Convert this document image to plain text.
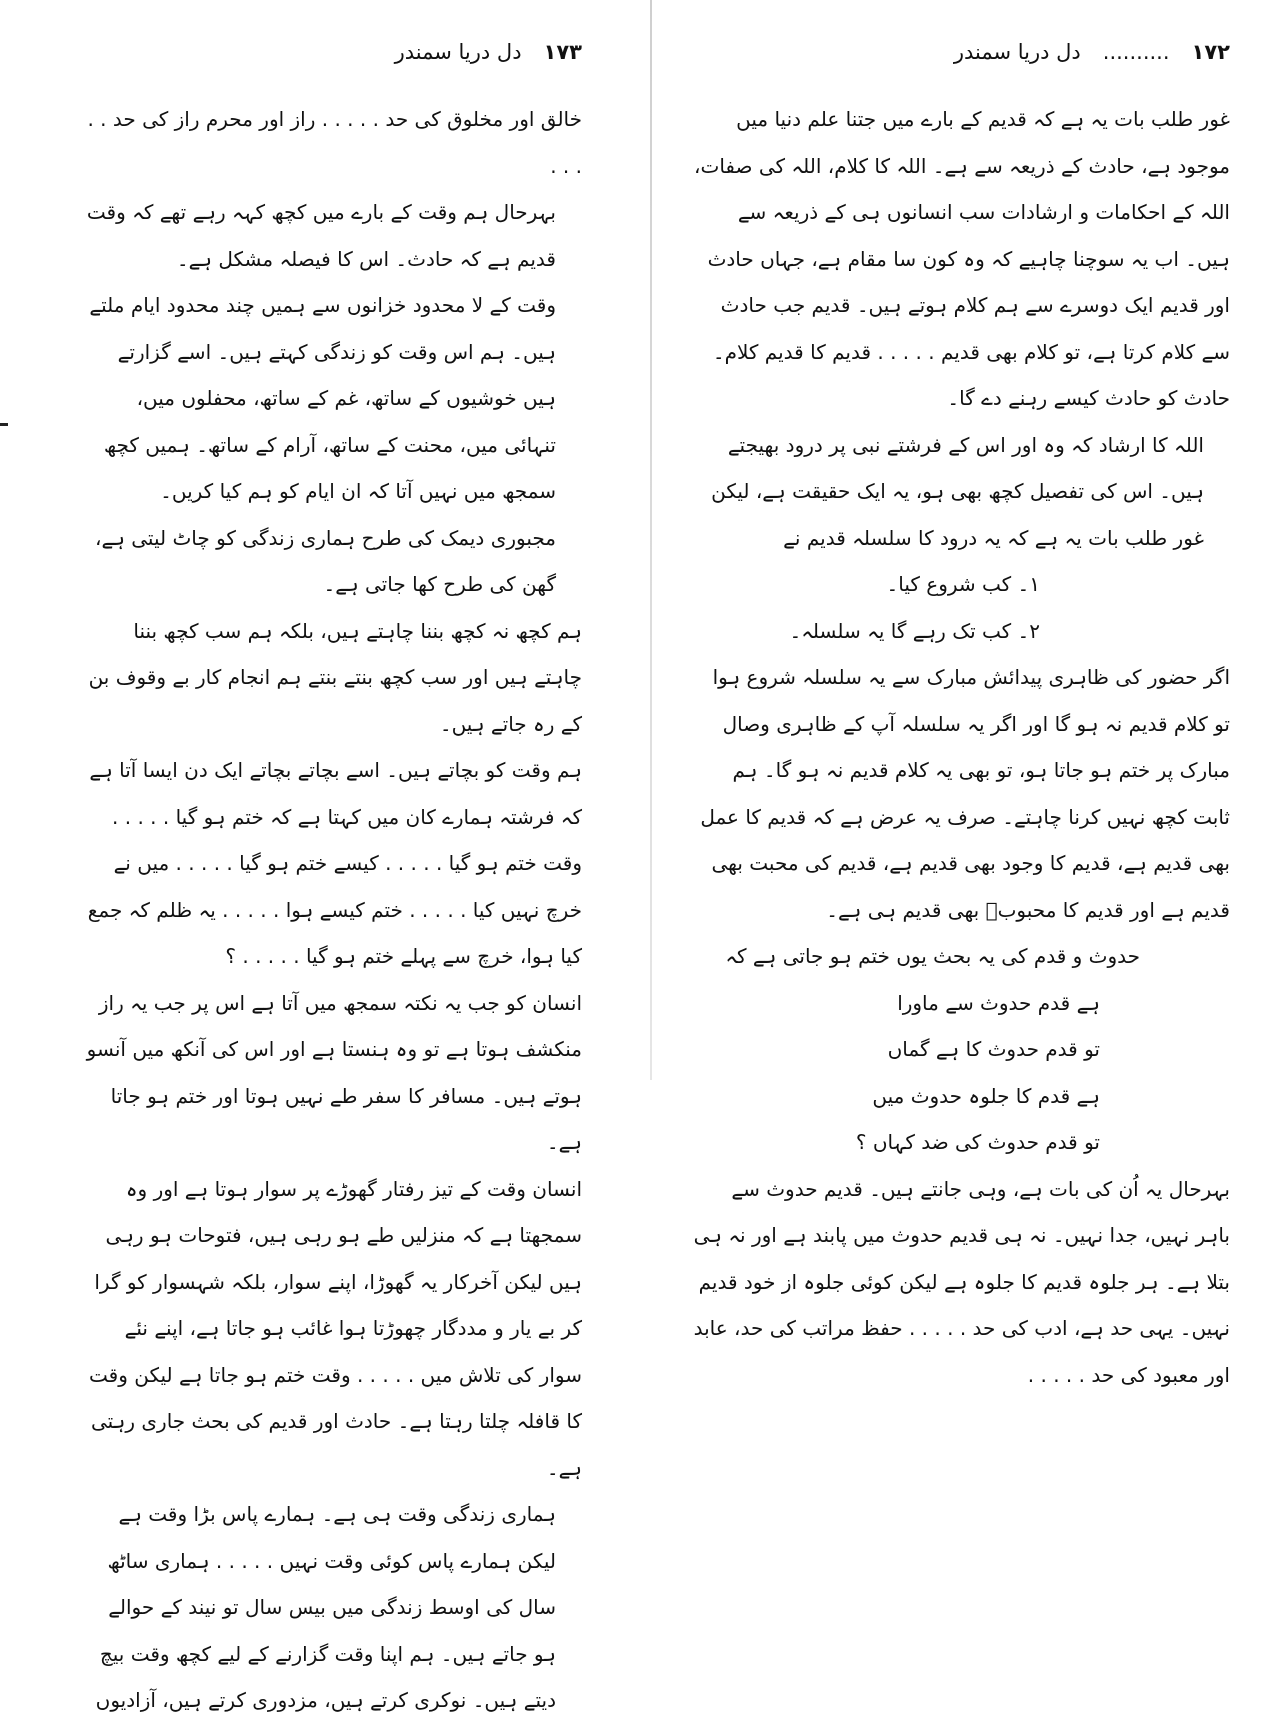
دل دریا سمندر ۱۷۳

خالق اور مخلوق کی حد . . . . . راز اور محرم راز کی حد . . . . .

بہرحال ہم وقت کے بارے میں کچھ کہہ رہے تھے کہ وقت قدیم ہے کہ حادث۔ اس کا فیصلہ مشکل ہے۔

وقت کے لا محدود خزانوں سے ہمیں چند محدود ایام ملتے ہیں۔ ہم اس وقت کو زندگی کہتے ہیں۔ اسے گزارتے ہیں خوشیوں کے ساتھ، غم کے ساتھ، محفلوں میں، تنہائی میں، محنت کے ساتھ، آرام کے ساتھ۔ ہمیں کچھ سمجھ میں نہیں آتا کہ ان ایام کو ہم کیا کریں۔

مجبوری دیمک کی طرح ہماری زندگی کو چاٹ لیتی ہے، گھن کی طرح کھا جاتی ہے۔

ہم کچھ نہ کچھ بننا چاہتے ہیں، بلکہ ہم سب کچھ بننا چاہتے ہیں اور سب کچھ بنتے بنتے ہم انجام کار بے وقوف بن کے رہ جاتے ہیں۔

ہم وقت کو بچاتے ہیں۔ اسے بچاتے بچاتے ایک دن ایسا آتا ہے کہ فرشتہ ہمارے کان میں کہتا ہے کہ ختم ہو گیا . . . . . وقت ختم ہو گیا . . . . . کیسے ختم ہو گیا . . . . . میں نے خرچ نہیں کیا . . . . . ختم کیسے ہوا . . . . . یہ ظلم کہ جمع کیا ہوا، خرچ سے پہلے ختم ہو گیا . . . . . ؟

انسان کو جب یہ نکتہ سمجھ میں آتا ہے اس پر جب یہ راز منکشف ہوتا ہے تو وہ ہنستا ہے اور اس کی آنکھ میں آنسو ہوتے ہیں۔ مسافر کا سفر طے نہیں ہوتا اور ختم ہو جاتا ہے۔

انسان وقت کے تیز رفتار گھوڑے پر سوار ہوتا ہے اور وہ سمجھتا ہے کہ منزلیں طے ہو رہی ہیں، فتوحات ہو رہی ہیں لیکن آخرکار یہ گھوڑا، اپنے سوار، بلکہ شہسوار کو گرا کر بے یار و مددگار چھوڑتا ہوا غائب ہو جاتا ہے، اپنے نئے سوار کی تلاش میں . . . . . وقت ختم ہو جاتا ہے لیکن وقت کا قافلہ چلتا رہتا ہے۔ حادث اور قدیم کی بحث جاری رہتی ہے۔

ہماری زندگی وقت ہی ہے۔ ہمارے پاس بڑا وقت ہے لیکن ہمارے پاس کوئی وقت نہیں . . . . . ہماری ساٹھ سال کی اوسط زندگی میں بیس سال تو نیند کے حوالے ہو جاتے ہیں۔ ہم اپنا وقت گزارنے کے لیے کچھ وقت بیچ دیتے ہیں۔ نوکری کرتے ہیں، مزدوری کرتے ہیں، آزادیوں

۱۷۲
..........
دل دریا سمندر

غور طلب بات یہ ہے کہ قدیم کے بارے میں جتنا علم دنیا میں موجود ہے، حادث کے ذریعہ سے ہے۔ اللہ کا کلام، اللہ کی صفات، اللہ کے احکامات و ارشادات سب انسانوں ہی کے ذریعہ سے ہیں۔ اب یہ سوچنا چاہیے کہ وہ کون سا مقام ہے، جہاں حادث اور قدیم ایک دوسرے سے ہم کلام ہوتے ہیں۔ قدیم جب حادث سے کلام کرتا ہے، تو کلام بھی قدیم . . . . . قدیم کا قدیم کلام۔ حادث کو حادث کیسے رہنے دے گا۔

اللہ کا ارشاد کہ وہ اور اس کے فرشتے نبی پر درود بھیجتے ہیں۔ اس کی تفصیل کچھ بھی ہو، یہ ایک حقیقت ہے، لیکن غور طلب بات یہ ہے کہ یہ درود کا سلسلہ قدیم نے

۱۔ کب شروع کیا۔

۲۔ کب تک رہے گا یہ سلسلہ۔

اگر حضور کی ظاہری پیدائش مبارک سے یہ سلسلہ شروع ہوا تو کلام قدیم نہ ہو گا اور اگر یہ سلسلہ آپ کے ظاہری وصال مبارک پر ختم ہو جاتا ہو، تو بھی یہ کلام قدیم نہ ہو گا۔ ہم ثابت کچھ نہیں کرنا چاہتے۔ صرف یہ عرض ہے کہ قدیم کا عمل بھی قدیم ہے، قدیم کا وجود بھی قدیم ہے، قدیم کی محبت بھی قدیم ہے اور قدیم کا محبوبؐ بھی قدیم ہی ہے۔

حدوث و قدم کی یہ بحث یوں ختم ہو جاتی ہے کہ

ہے قدم حدوث سے ماورا

تو قدم حدوث کا ہے گماں

ہے قدم کا جلوہ حدوث میں

تو قدم حدوث کی ضد کہاں ؟

بہرحال یہ اُن کی بات ہے، وہی جانتے ہیں۔ قدیم حدوث سے باہر نہیں، جدا نہیں۔ نہ ہی قدیم حدوث میں پابند ہے اور نہ ہی بتلا ہے۔ ہر جلوہ قدیم کا جلوہ ہے لیکن کوئی جلوہ از خود قدیم نہیں۔ یہی حد ہے، ادب کی حد . . . . . حفظ مراتب کی حد، عابد اور معبود کی حد . . . . .
